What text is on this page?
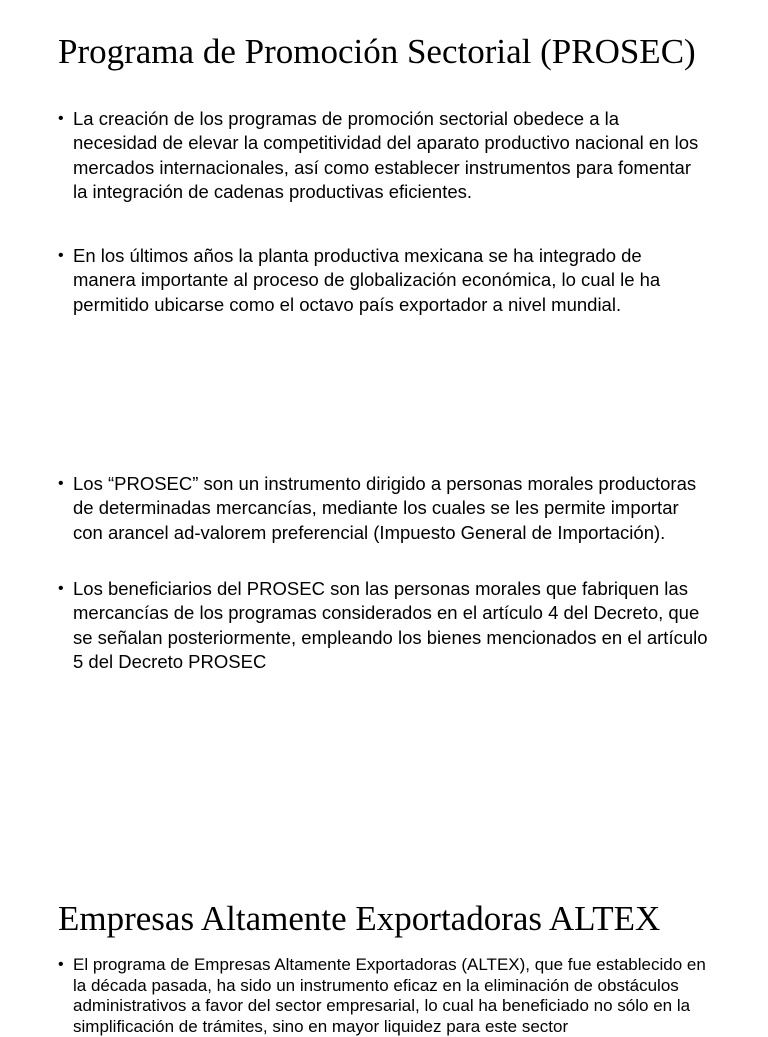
Programa de Promoción Sectorial (PROSEC)
• La creación de los programas de promoción sectorial obedece a la necesidad de elevar la competitividad del aparato productivo nacional en los mercados internacionales, así como establecer instrumentos para fomentar la integración de cadenas productivas eficientes.
• En los últimos años la planta productiva mexicana se ha integrado de manera importante al proceso de globalización económica, lo cual le ha permitido ubicarse como el octavo país exportador a nivel mundial.
• Los “PROSEC” son un instrumento dirigido a personas morales productoras de determinadas mercancías, mediante los cuales se les permite importar con arancel ad-valorem preferencial (Impuesto General de Importación).
• Los beneficiarios del PROSEC son las personas morales que fabriquen las mercancías de los programas considerados en el artículo 4 del Decreto, que se señalan posteriormente, empleando los bienes mencionados en el artículo 5 del Decreto PROSEC
Empresas Altamente Exportadoras ALTEX
• El programa de Empresas Altamente Exportadoras (ALTEX), que fue establecido en la década pasada, ha sido un instrumento eficaz en la eliminación de obstáculos administrativos a favor del sector empresarial, lo cual ha beneficiado no sólo en la simplificación de trámites, sino en mayor liquidez para este sector
